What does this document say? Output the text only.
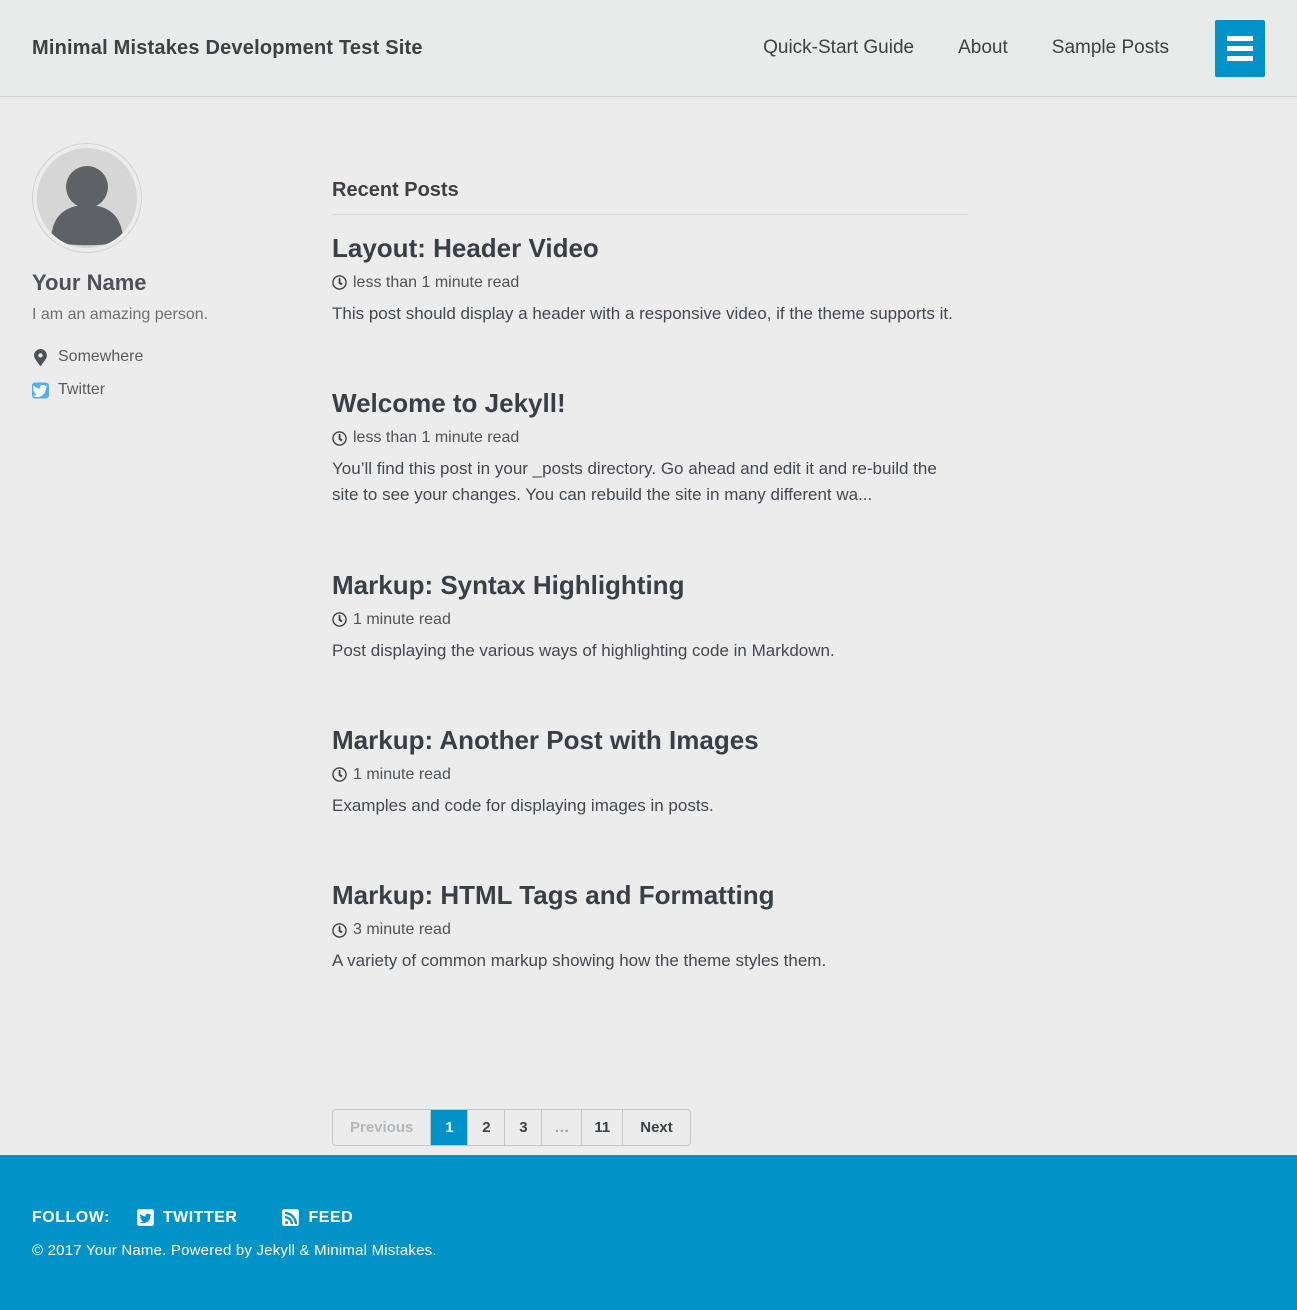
Minimal Mistakes Development Test Site	Quick-Start Guide About Sample Posts
Your Name

I am an amazing person.

Somewhere
Twitter
Recent Posts
Layout: Header Video
less than 1 minute read

This post should display a header with a responsive video, if the theme supports it.

Welcome to Jekyll!
less than 1 minute read

You’ll find this post in your _posts directory. Go ahead and edit it and re-build the site to see your changes. You can rebuild the site in many different wa...

Markup: Syntax Highlighting
1 minute read

Post displaying the various ways of highlighting code in Markdown.

Markup: Another Post with Images
1 minute read

Examples and code for displaying images in posts.

Markup: HTML Tags and Formatting
3 minute read

A variety of common markup showing how the theme styles them.

Previous	1	2	3	…	11	Next
FOLLOW:	TWITTER	FEED

© 2017 Your Name. Powered by Jekyll & Minimal Mistakes.
